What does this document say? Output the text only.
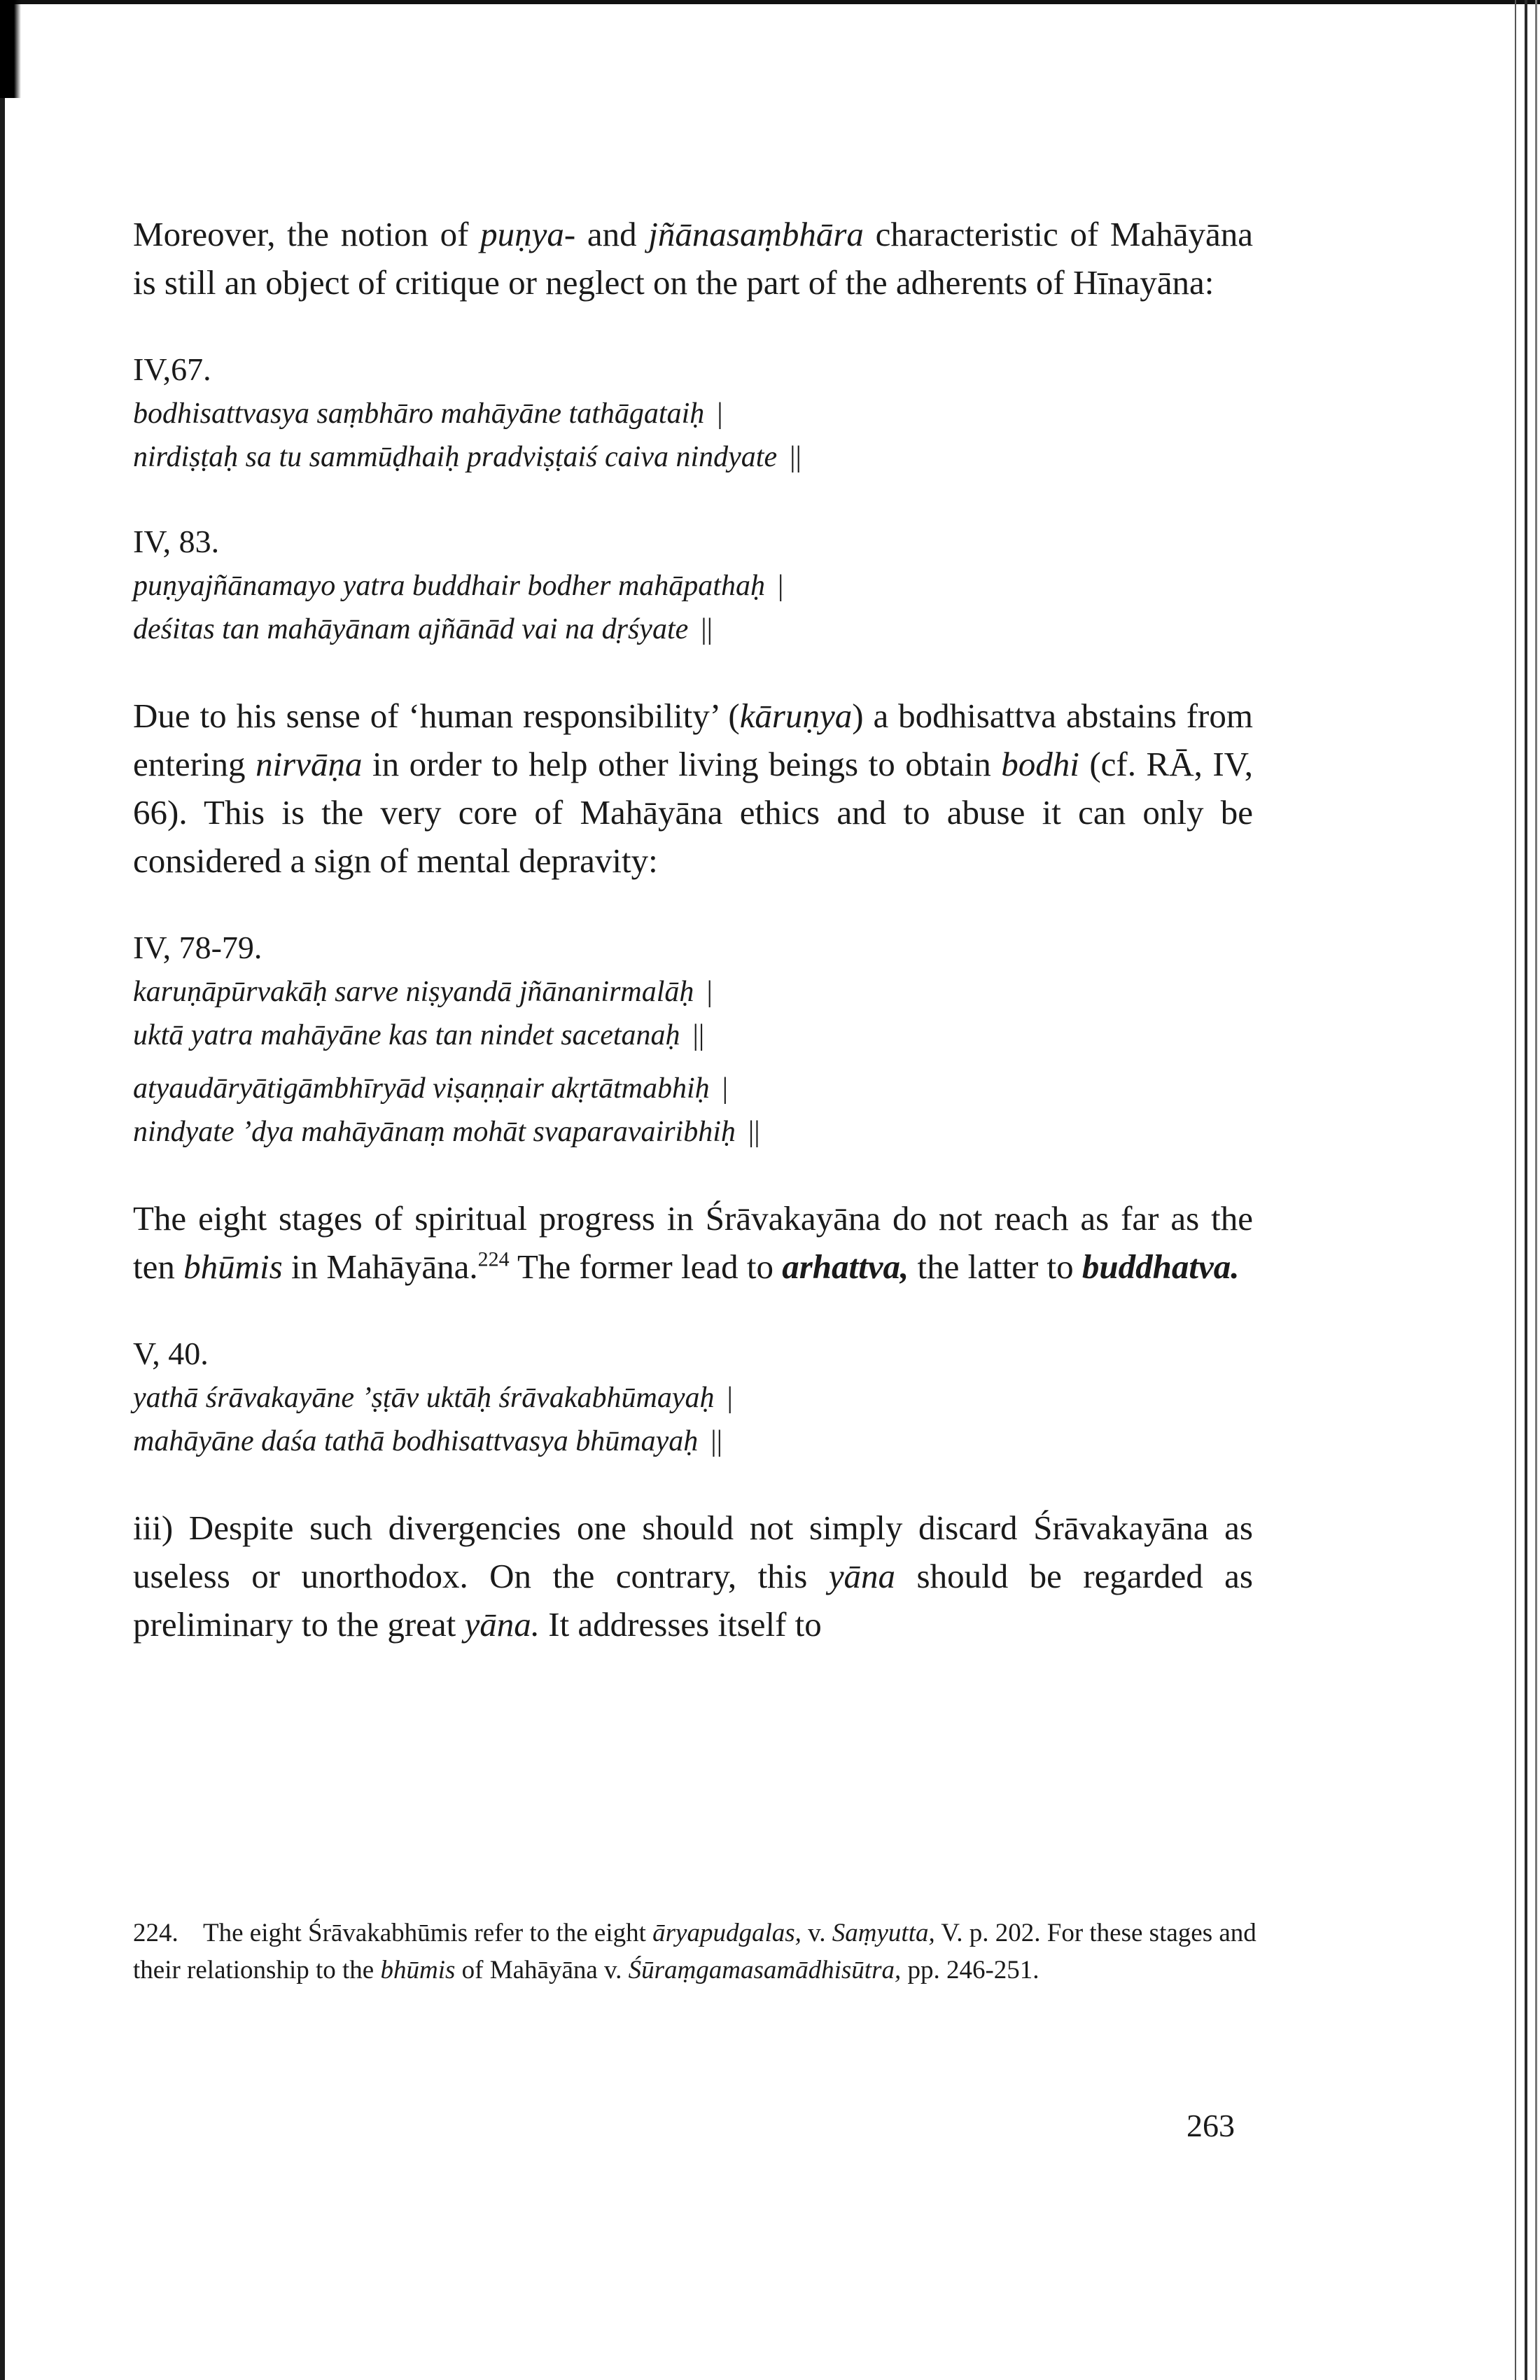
Moreover, the notion of puṇya- and jñānasaṃbhāra characteristic of Mahāyāna is still an object of critique or neglect on the part of the adherents of Hīnayāna:

IV,67.

bodhisattvasya saṃbhāro mahāyāne tathāgataiḥ |

nirdiṣṭaḥ sa tu sammūḍhaiḥ pradviṣṭaiś caiva nindyate ||

IV, 83.

puṇyajñānamayo yatra buddhair bodher mahāpathaḥ |

deśitas tan mahāyānam ajñānād vai na dṛśyate ||

Due to his sense of ‘human responsibility’ (kāruṇya) a bodhisattva abstains from entering nirvāṇa in order to help other living beings to obtain bodhi (cf. RĀ, IV, 66). This is the very core of Mahāyāna ethics and to abuse it can only be considered a sign of mental depravity:

IV, 78-79.

karuṇāpūrvakāḥ sarve niṣyandā jñānanirmalāḥ |

uktā yatra mahāyāne kas tan nindet sacetanaḥ ||

atyaudāryātigāmbhīryād viṣaṇṇair akṛtātmabhiḥ |

nindyate ’dya mahāyānaṃ mohāt svaparavairibhiḥ ||

The eight stages of spiritual progress in Śrāvakayāna do not reach as far as the ten bhūmis in Mahāyāna.$^{224}$ The former lead to arhattva, the latter to buddhatva.

V, 40.

yathā śrāvakayāne ’ṣṭāv uktāḥ śrāvakabhūmayaḥ |

mahāyāne daśa tathā bodhisattvasya bhūmayaḥ ||

iii) Despite such divergencies one should not simply discard Śrāvakayāna as useless or unorthodox. On the contrary, this yāna should be regarded as preliminary to the great yāna. It addresses itself to

224. The eight Śrāvakabhūmis refer to the eight āryapudgalas, v. Saṃyutta, V. p. 202. For these stages and their relationship to the bhūmis of Mahāyāna v. Śūraṃgamasamādhisūtra, pp. 246-251.

263
